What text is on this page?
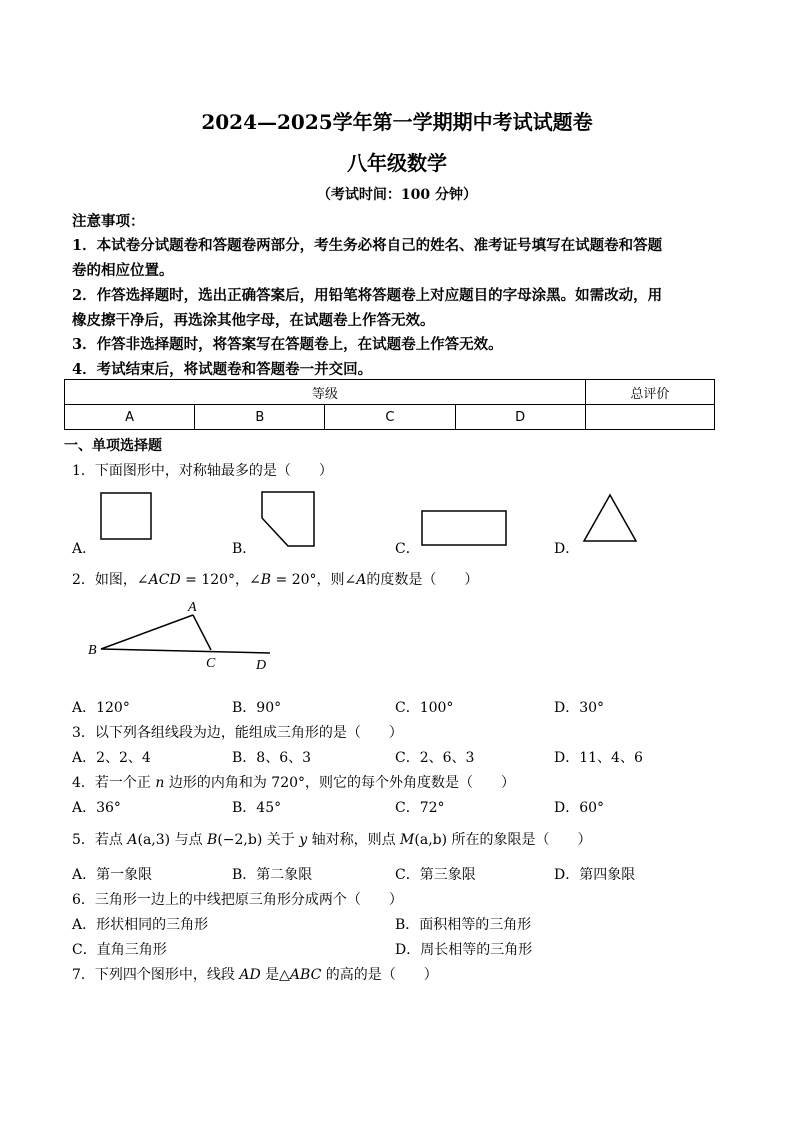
2024—2025学年第一学期期中考试试题卷
八年级数学
（考试时间：100 分钟）
注意事项：
1．本试卷分试题卷和答题卷两部分，考生务必将自己的姓名、准考证号填写在试题卷和答题
卷的相应位置。
2．作答选择题时，选出正确答案后，用铅笔将答题卷上对应题目的字母涂黑。如需改动，用
橡皮擦干净后，再选涂其他字母，在试题卷上作答无效。
3．作答非选择题时，将答案写在答题卷上，在试题卷上作答无效。
4．考试结束后，将试题卷和答题卷一并交回。
等级				总评价
A	B	C	D	
一、单项选择题
1．下面图形中，对称轴最多的是（　　）
A．	B．	C．	D．
2．如图，∠ACD = 120°，∠B = 20°，则∠A的度数是（　　）
A
B
C	D
A．120°	B．90°	C．100°	D．30°
3．以下列各组线段为边，能组成三角形的是（　　）
A．2、2、4	B．8、6、3	C．2、6、3	D．11、4、6
4．若一个正 n 边形的内角和为 720°，则它的每个外角度数是（　　）
A．36°	B．45°	C．72°	D．60°
5．若点 A(a,3) 与点 B(−2,b) 关于 y 轴对称，则点 M(a,b) 所在的象限是（　　）
A．第一象限	B．第二象限	C．第三象限	D．第四象限
6．三角形一边上的中线把原三角形分成两个（　　）
A．形状相同的三角形	B．面积相等的三角形
C．直角三角形	D．周长相等的三角形
7．下列四个图形中，线段 AD 是△ABC 的高的是（　　）
